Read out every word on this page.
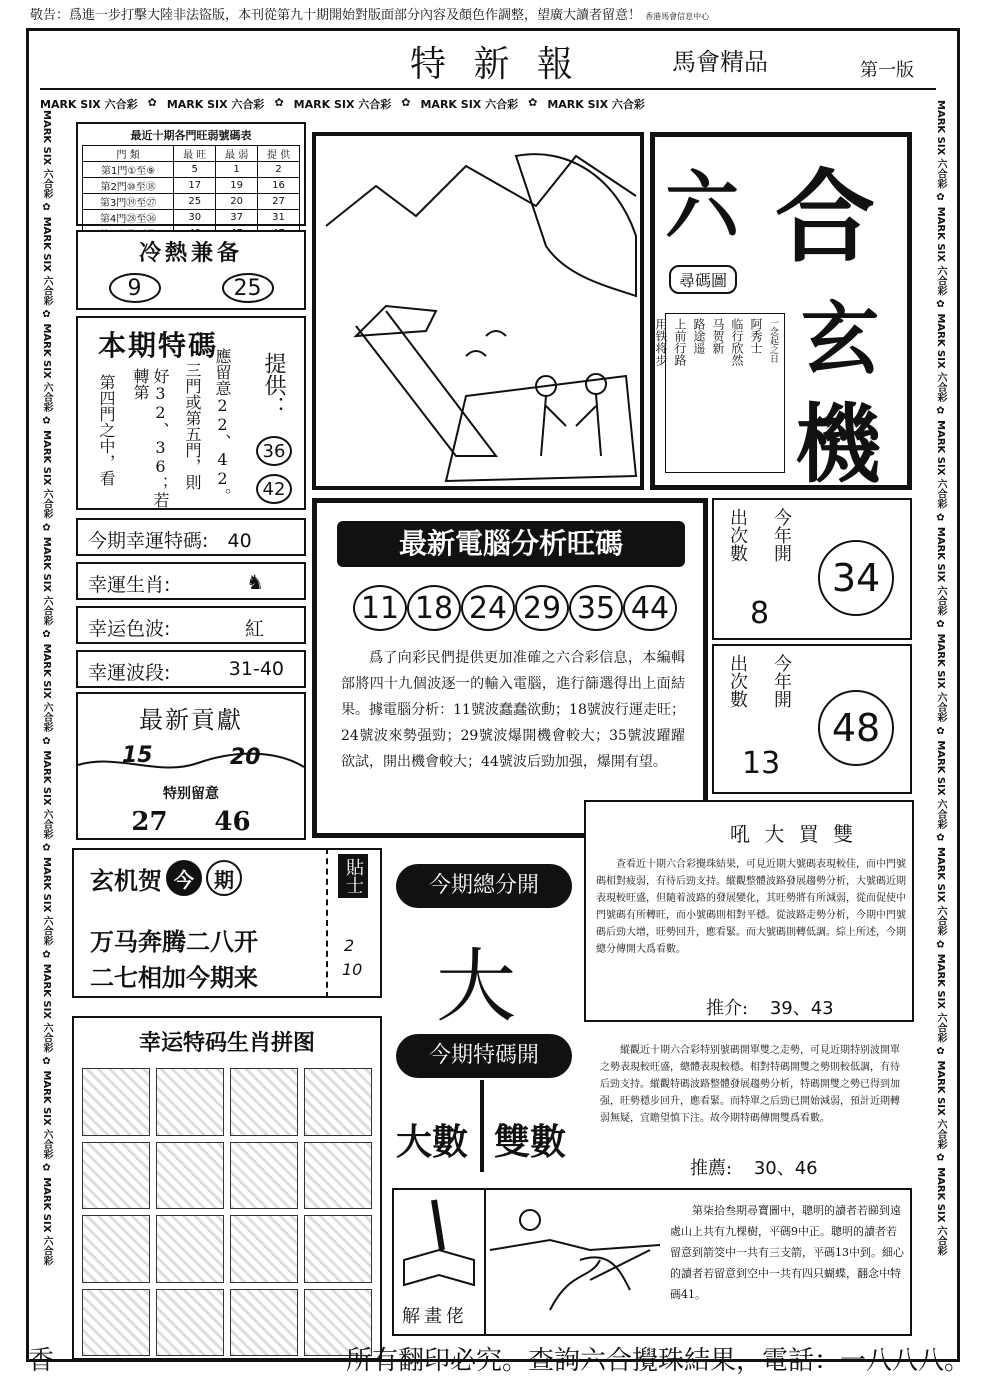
敬告：爲進一步打擊大陸非法盜版，本刊從第九十期開始對版面部分內容及顏色作調整，望廣大讀者留意！ 香港馬會信息中心
特 新 報	馬會精品	第一版
MARK SIX 六合彩 ✿ MARK SIX 六合彩 ✿ MARK SIX 六合彩 ✿ MARK SIX 六合彩 ✿ MARK SIX 六合彩
MARK SIX 六合彩 ✿ MARK SIX 六合彩 ✿ MARK SIX 六合彩 ✿ MARK SIX 六合彩 ✿ MARK SIX 六合彩 ✿ MARK SIX 六合彩 ✿ MARK SIX 六合彩 ✿ MARK SIX 六合彩 ✿ MARK SIX 六合彩 ✿ MARK SIX 六合彩 ✿ MARK SIX 六合彩
MARK SIX 六合彩 ✿ MARK SIX 六合彩 ✿ MARK SIX 六合彩 ✿ MARK SIX 六合彩 ✿ MARK SIX 六合彩 ✿ MARK SIX 六合彩 ✿ MARK SIX 六合彩 ✿ MARK SIX 六合彩 ✿ MARK SIX 六合彩 ✿ MARK SIX 六合彩 ✿ MARK SIX 六合彩
最近十期各門旺弱號碼表
門 類	最 旺	最 弱	提 供
第1門①至⑨	5	1	2
第2門⑩至⑱	17	19	16
第3門⑲至㉗	25	20	27
第4門㉘至㊱	30	37	31

冷熱兼备
9	25
本期特碼
第四門之中，看	好32、36；若轉第	三門或第五門，則 應留意22、42。 提供：
36
42
今期幸運特碼: 40
幸運生肖:	♞
幸运色波:	紅
幸運波段:	31-40
最新貢獻
15	20
特别留意
27 46
玄机贺 今	期
万马奔腾二八开
二七相加今期来
貼士
2
10
幸运特码生肖拼图
六 合
尋碼圖
一念起之日
阿秀士
临行欣然
马贺新
路途遥
上前行路
用铁将步 玄
機
最新電腦分析旺碼
11 18 24 29 35 44
爲了向彩民們提供更加准確之六合彩信息，本編輯部將四十九個波逐一的輸入電腦，進行篩選得出上面結果。據電腦分析：11號波蠢蠢欲動；18號波行運走旺；24號波來勢强勁；29號波爆開機會較大；35號波躍躍欲試，開出機會較大；44號波后勁加强，爆開有望。
出次數 今年開
8
34
出次數 今年開
13
48
今期總分開
大
吼 大 買 雙
查看近十期六合彩攪珠結果，可見近期大號碼表現較佳，而中門號碼相對疲弱，有待后勁支持。縱觀整體波路發展趨勢分析，大號碼近期表現較旺盛，但隨着波路的發展變化，其旺勢將有所減弱，從而促使中門號碼有所轉旺，而小號碼則相對平穩。從波路走勢分析，今期中門號碼后勁大增，旺勢回升，應看緊。而大號碼則轉低調。綜上所述，今期總分傳開大爲看數。
推介: 39、43
今期特碼開
大數 雙數
縱觀近十期六合彩特别號碼開單雙之走勢，可見近期特别波開單之勢表現較旺盛，總體表現較穩。相對特碼開雙之勢則較低調，有待后勁支持。縱觀特碼波路整體發展趨勢分析，特碼開雙之勢已得到加强，旺勢穩步回升，應看緊。而特單之后勁已開始減弱，預計近期轉弱無疑，宜瞻望慎下注。故今期特碼傳開雙爲看數。
推薦: 30、46
解畫佬
第柒拾叁期尋寶圖中，聰明的讀者若睇到遠處山上共有九棵樹，平碼9中正。聰明的讀者若留意到箭筊中一共有三支箭，平碼13中到。細心的讀者若留意到空中一共有四只蝴蝶，翻念中特碼41。
香	所有翻印必究。查詢六合攪珠結果，電話：一八八八。
